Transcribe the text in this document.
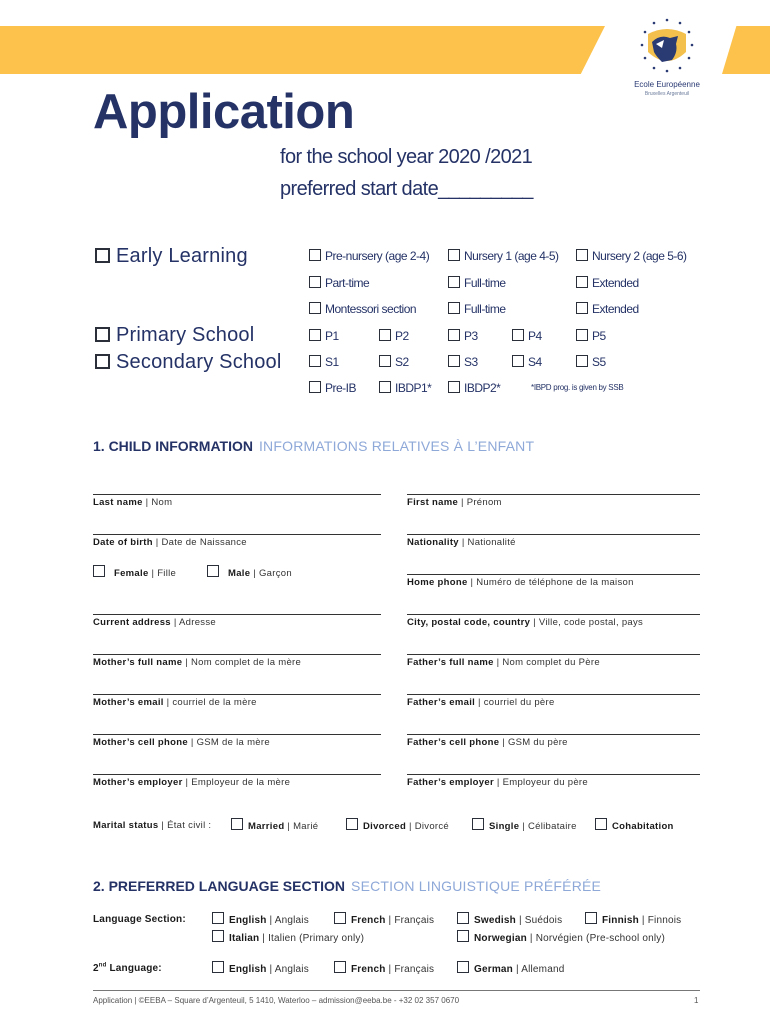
Ecole Européenne
Bruxelles Argenteuil
Application
for the school year 2020 /2021
preferred start date_________
Early Learning
Primary School
Secondary School
Pre-nursery (age 2-4)	Nursery 1 (age 4-5)	Nursery 2 (age 5-6)
Part-time	Full-time	Extended
Montessori section	Full-time	Extended
P1	P2	P3	P4	P5
S1	S2	S3	S4	S5
Pre-IB	IBDP1*	IBDP2*	*IBPD prog. is given by SSB
1. CHILD INFORMATION INFORMATIONS RELATIVES À L’ENFANT
Last name | Nom	First name | Prénom
Date of birth | Date de Naissance	Nationality | Nationalité
Female | Fille	Male | Garçon
Home phone | Numéro de téléphone de la maison
Current address | Adresse	City, postal code, country | Ville, code postal, pays
Mother’s full name | Nom complet de la mère	Father’s full name | Nom complet du Père
Mother’s email | courriel de la mère	Father’s email | courriel du père
Mother’s cell phone | GSM de la mère	Father’s cell phone | GSM du père
Mother’s employer | Employeur de la mère	Father’s employer | Employeur du père
Marital status | État civil :	Married | Marié	Divorced | Divorcé	Single | Célibataire	Cohabitation
2. PREFERRED LANGUAGE SECTION SECTION LINGUISTIQUE PRÉFÉRÉE
Language Section:	English | Anglais	French | Français	Swedish | Suédois	Finnish | Finnois
Italian | Italien (Primary only)	Norwegian | Norvégien (Pre-school only)
2nd Language:	English | Anglais	French | Français	German | Allemand
Application | ©EEBA – Square d’Argenteuil, 5 1410, Waterloo – admission@eeba.be - +32 02 357 0670	1
